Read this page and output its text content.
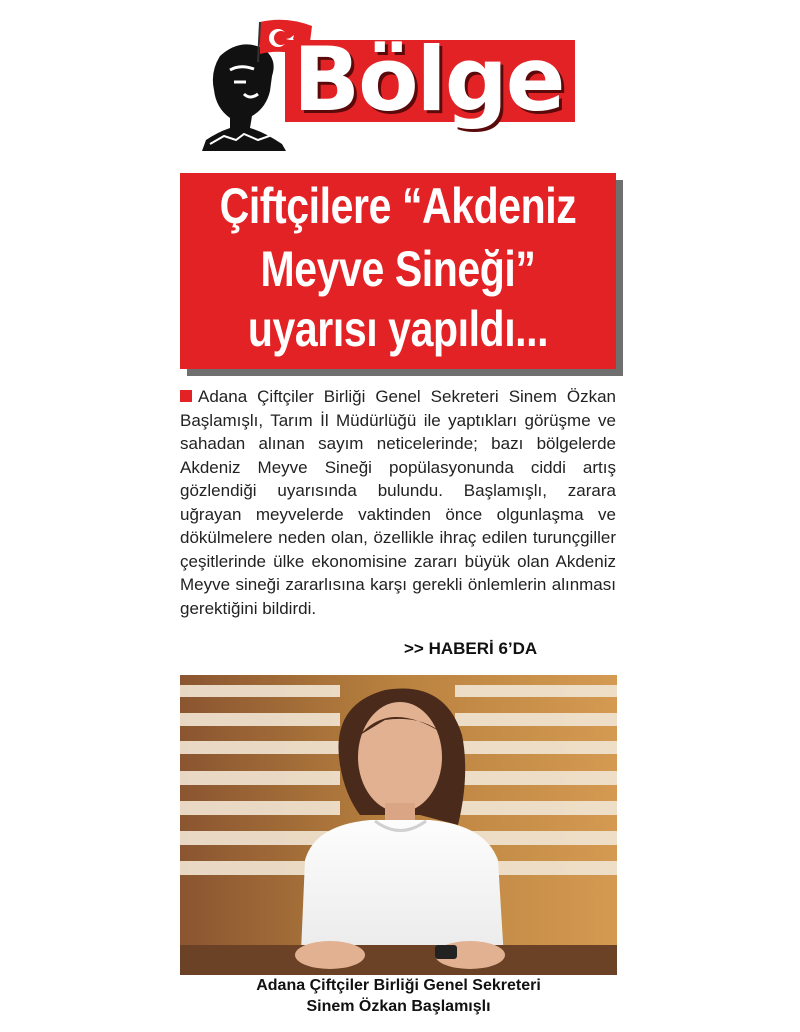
Bölge
Çiftçilere “Akdeniz
Meyve Sineği”
uyarısı yapıldı...
Adana Çiftçiler Birliği Genel Sekreteri Sinem Özkan Başlamışlı, Tarım İl Müdürlüğü ile yaptıkları görüşme ve sahadan alınan sayım neticelerinde; bazı bölgelerde Akdeniz Meyve Sineği popülasyonunda ciddi artış gözlendiği uyarısında bulundu. Başlamışlı, zarara uğrayan meyvelerde vaktinden önce olgunlaşma ve dökülmelere neden olan, özellikle ihraç edilen turunçgiller çeşitlerinde ülke ekonomisine zararı büyük olan Akdeniz Meyve sineği zararlısına karşı gerekli önlemlerin alınması gerektiğini bildirdi.
>> HABERİ 6’DA
Adana Çiftçiler Birliği Genel Sekreteri
Sinem Özkan Başlamışlı
